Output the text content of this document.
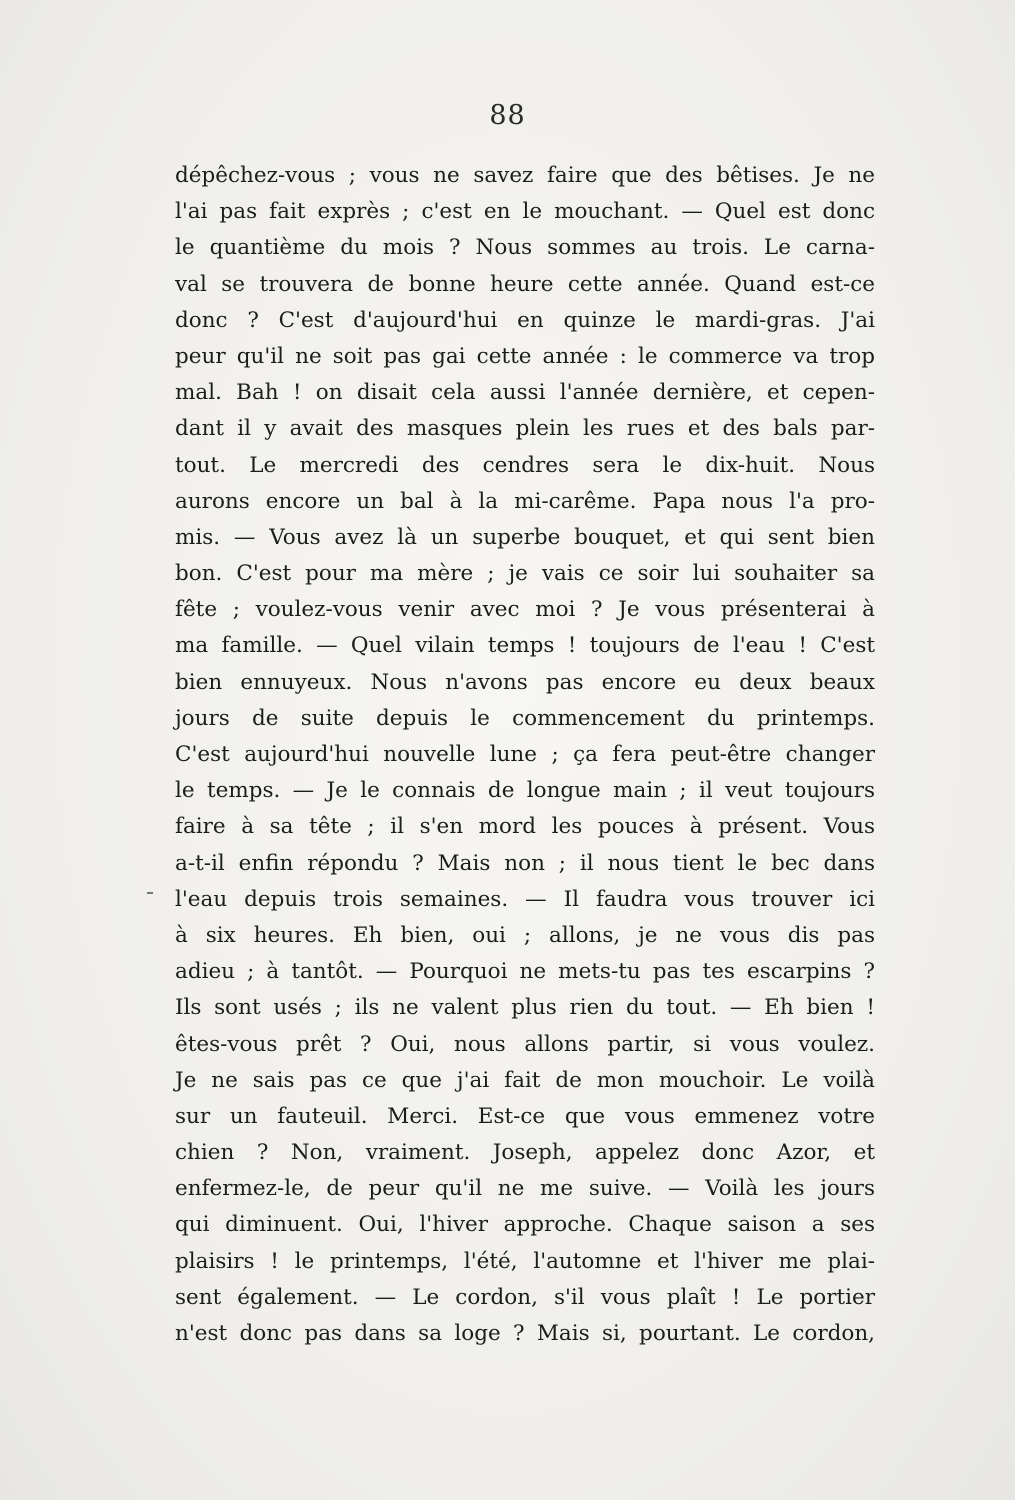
88
dépêchez-vous ; vous ne savez faire que des bêtises. Je ne
l'ai pas fait exprès ; c'est en le mouchant. — Quel est donc
le quantième du mois ? Nous sommes au trois. Le carna-
val se trouvera de bonne heure cette année. Quand est-ce
donc ? C'est d'aujourd'hui en quinze le mardi-gras. J'ai
peur qu'il ne soit pas gai cette année : le commerce va trop
mal. Bah ! on disait cela aussi l'année dernière, et cepen-
dant il y avait des masques plein les rues et des bals par-
tout. Le mercredi des cendres sera le dix-huit. Nous
aurons encore un bal à la mi-carême. Papa nous l'a pro-
mis. — Vous avez là un superbe bouquet, et qui sent bien
bon. C'est pour ma mère ; je vais ce soir lui souhaiter sa
fête ; voulez-vous venir avec moi ? Je vous présenterai à
ma famille. — Quel vilain temps ! toujours de l'eau ! C'est
bien ennuyeux. Nous n'avons pas encore eu deux beaux
jours de suite depuis le commencement du printemps.
C'est aujourd'hui nouvelle lune ; ça fera peut-être changer
le temps. — Je le connais de longue main ; il veut toujours
faire à sa tête ; il s'en mord les pouces à présent. Vous
a-t-il enfin répondu ? Mais non ; il nous tient le bec dans
l'eau depuis trois semaines. — Il faudra vous trouver ici
à six heures. Eh bien, oui ; allons, je ne vous dis pas
adieu ; à tantôt. — Pourquoi ne mets-tu pas tes escarpins ?
Ils sont usés ; ils ne valent plus rien du tout. — Eh bien !
êtes-vous prêt ? Oui, nous allons partir, si vous voulez.
Je ne sais pas ce que j'ai fait de mon mouchoir. Le voilà
sur un fauteuil. Merci. Est-ce que vous emmenez votre
chien ? Non, vraiment. Joseph, appelez donc Azor, et
enfermez-le, de peur qu'il ne me suive. — Voilà les jours
qui diminuent. Oui, l'hiver approche. Chaque saison a ses
plaisirs ! le printemps, l'été, l'automne et l'hiver me plai-
sent également. — Le cordon, s'il vous plaît ! Le portier
n'est donc pas dans sa loge ? Mais si, pourtant. Le cordon,
